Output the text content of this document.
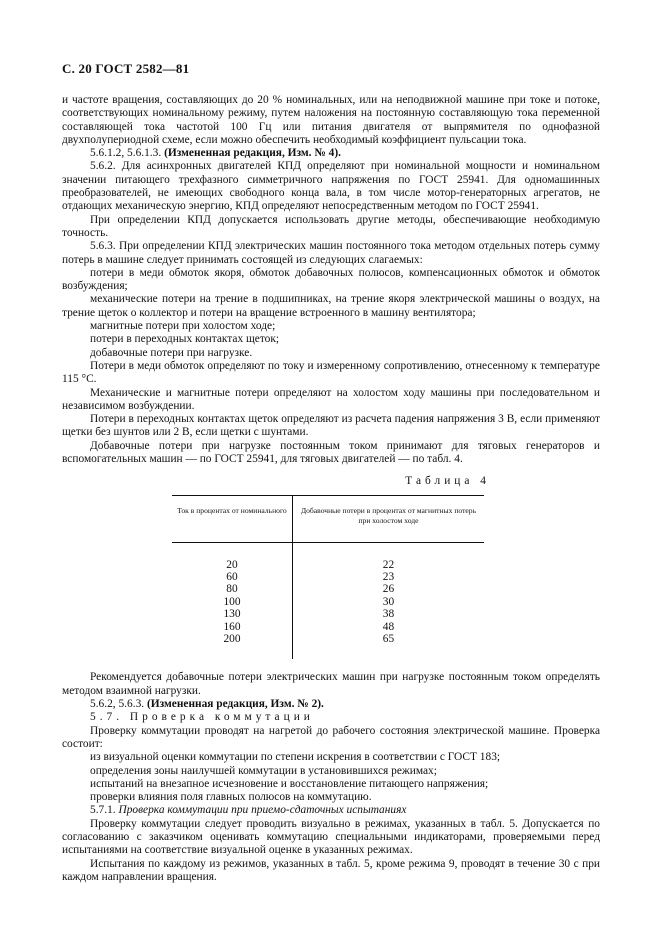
С. 20 ГОСТ 2582—81

и частоте вращения, составляющих до 20 % номинальных, или на неподвижной машине при токе и потоке, соответствующих номинальному режиму, путем наложения на постоянную составляющую тока переменной составляющей тока частотой 100 Гц или питания двигателя от выпрямителя по однофазной двухполупериодной схеме, если можно обеспечить необходимый коэффициент пульсации тока.

5.6.1.2, 5.6.1.3. (Измененная редакция, Изм. № 4).

5.6.2. Для асинхронных двигателей КПД определяют при номинальной мощности и номинальном значении питающего трехфазного симметричного напряжения по ГОСТ 25941. Для одномашинных преобразователей, не имеющих свободного конца вала, в том числе мотор-генераторных агрегатов, не отдающих механическую энергию, КПД определяют непосредственным методом по ГОСТ 25941.

При определении КПД допускается использовать другие методы, обеспечивающие необходимую точность.

5.6.3. При определении КПД электрических машин постоянного тока методом отдельных потерь сумму потерь в машине следует принимать состоящей из следующих слагаемых:

потери в меди обмоток якоря, обмоток добавочных полюсов, компенсационных обмоток и обмоток возбуждения;

механические потери на трение в подшипниках, на трение якоря электрической машины о воздух, на трение щеток о коллектор и потери на вращение встроенного в машину вентилятора;

магнитные потери при холостом ходе;

потери в переходных контактах щеток;

добавочные потери при нагрузке.

Потери в меди обмоток определяют по току и измеренному сопротивлению, отнесенному к температуре 115 °С.

Механические и магнитные потери определяют на холостом ходу машины при последовательном и независимом возбуждении.

Потери в переходных контактах щеток определяют из расчета падения напряжения 3 В, если применяют щетки без шунтов или 2 В, если щетки с шунтами.

Добавочные потери при нагрузке постоянным током принимают для тяговых генераторов и вспомогательных машин — по ГОСТ 25941, для тяговых двигателей — по табл. 4.

Таблица 4
Ток в процентах от номинального	Добавочные потери в процентах от магнитных потерь при холостом ходе

20	22
60	23
80	26
100	30
130	38
160	48
200	65

Рекомендуется добавочные потери электрических машин при нагрузке постоянным током определять методом взаимной нагрузки.

5.6.2, 5.6.3. (Измененная редакция, Изм. № 2).

5.7. Проверка коммутации

Проверку коммутации проводят на нагретой до рабочего состояния электрической машине. Проверка состоит:

из визуальной оценки коммутации по степени искрения в соответствии с ГОСТ 183;

определения зоны наилучшей коммутации в установившихся режимах;

испытаний на внезапное исчезновение и восстановление питающего напряжения;

проверки влияния поля главных полюсов на коммутацию.

5.7.1. Проверка коммутации при приемо-сдаточных испытаниях

Проверку коммутации следует проводить визуально в режимах, указанных в табл. 5. Допускается по согласованию с заказчиком оценивать коммутацию специальными индикаторами, проверяемыми перед испытаниями на соответствие визуальной оценке в указанных режимах.

Испытания по каждому из режимов, указанных в табл. 5, кроме режима 9, проводят в течение 30 с при каждом направлении вращения.
